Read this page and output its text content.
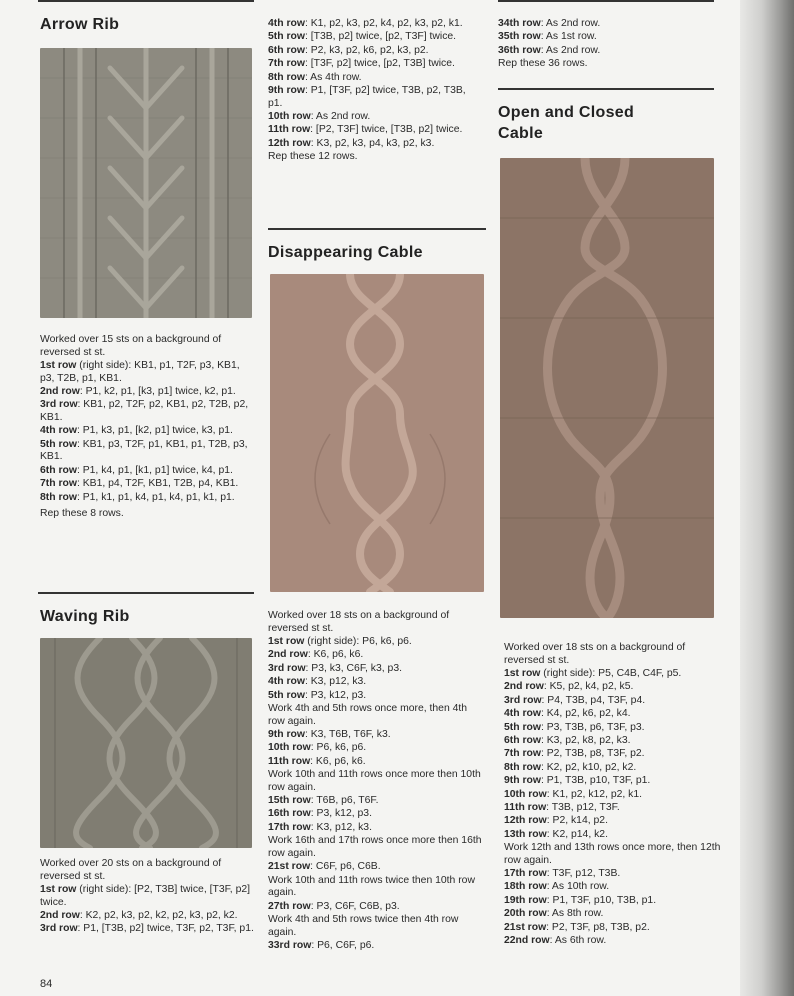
Arrow Rib

Worked over 15 sts on a background of reversed st st.

1st row (right side): KB1, p1, T2F, p3, KB1, p3, T2B, p1, KB1.

2nd row: P1, k2, p1, [k3, p1] twice, k2, p1.

3rd row: KB1, p2, T2F, p2, KB1, p2, T2B, p2, KB1.

4th row: P1, k3, p1, [k2, p1] twice, k3, p1.

5th row: KB1, p3, T2F, p1, KB1, p1, T2B, p3, KB1.

6th row: P1, k4, p1, [k1, p1] twice, k4, p1.

7th row: KB1, p4, T2F, KB1, T2B, p4, KB1.

8th row: P1, k1, p1, k4, p1, k4, p1, k1, p1.

Rep these 8 rows.

Waving Rib

Worked over 20 sts on a background of reversed st st.

1st row (right side): [P2, T3B] twice, [T3F, p2] twice.

2nd row: K2, p2, k3, p2, k2, p2, k3, p2, k2.

3rd row: P1, [T3B, p2] twice, T3F, p2, T3F, p1.

84

4th row: K1, p2, k3, p2, k4, p2, k3, p2, k1.

5th row: [T3B, p2] twice, [p2, T3F] twice.

6th row: P2, k3, p2, k6, p2, k3, p2.

7th row: [T3F, p2] twice, [p2, T3B] twice.

8th row: As 4th row.

9th row: P1, [T3F, p2] twice, T3B, p2, T3B, p1.

10th row: As 2nd row.

11th row: [P2, T3F] twice, [T3B, p2] twice.

12th row: K3, p2, k3, p4, k3, p2, k3.

Rep these 12 rows.

Disappearing Cable

Worked over 18 sts on a background of reversed st st.

1st row (right side): P6, k6, p6.

2nd row: K6, p6, k6.

3rd row: P3, k3, C6F, k3, p3.

4th row: K3, p12, k3.

5th row: P3, k12, p3.

Work 4th and 5th rows once more, then 4th row again.

9th row: K3, T6B, T6F, k3.

10th row: P6, k6, p6.

11th row: K6, p6, k6.

Work 10th and 11th rows once more then 10th row again.

15th row: T6B, p6, T6F.

16th row: P3, k12, p3.

17th row: K3, p12, k3.

Work 16th and 17th rows once more then 16th row again.

21st row: C6F, p6, C6B.

Work 10th and 11th rows twice then 10th row again.

27th row: P3, C6F, C6B, p3.

Work 4th and 5th rows twice then 4th row again.

33rd row: P6, C6F, p6.

34th row: As 2nd row.

35th row: As 1st row.

36th row: As 2nd row.

Rep these 36 rows.

Open and Closed
Cable

Worked over 18 sts on a background of reversed st st.

1st row (right side): P5, C4B, C4F, p5.

2nd row: K5, p2, k4, p2, k5.

3rd row: P4, T3B, p4, T3F, p4.

4th row: K4, p2, k6, p2, k4.

5th row: P3, T3B, p6, T3F, p3.

6th row: K3, p2, k8, p2, k3.

7th row: P2, T3B, p8, T3F, p2.

8th row: K2, p2, k10, p2, k2.

9th row: P1, T3B, p10, T3F, p1.

10th row: K1, p2, k12, p2, k1.

11th row: T3B, p12, T3F.

12th row: P2, k14, p2.

13th row: K2, p14, k2.

Work 12th and 13th rows once more, then 12th row again.

17th row: T3F, p12, T3B.

18th row: As 10th row.

19th row: P1, T3F, p10, T3B, p1.

20th row: As 8th row.

21st row: P2, T3F, p8, T3B, p2.

22nd row: As 6th row.
